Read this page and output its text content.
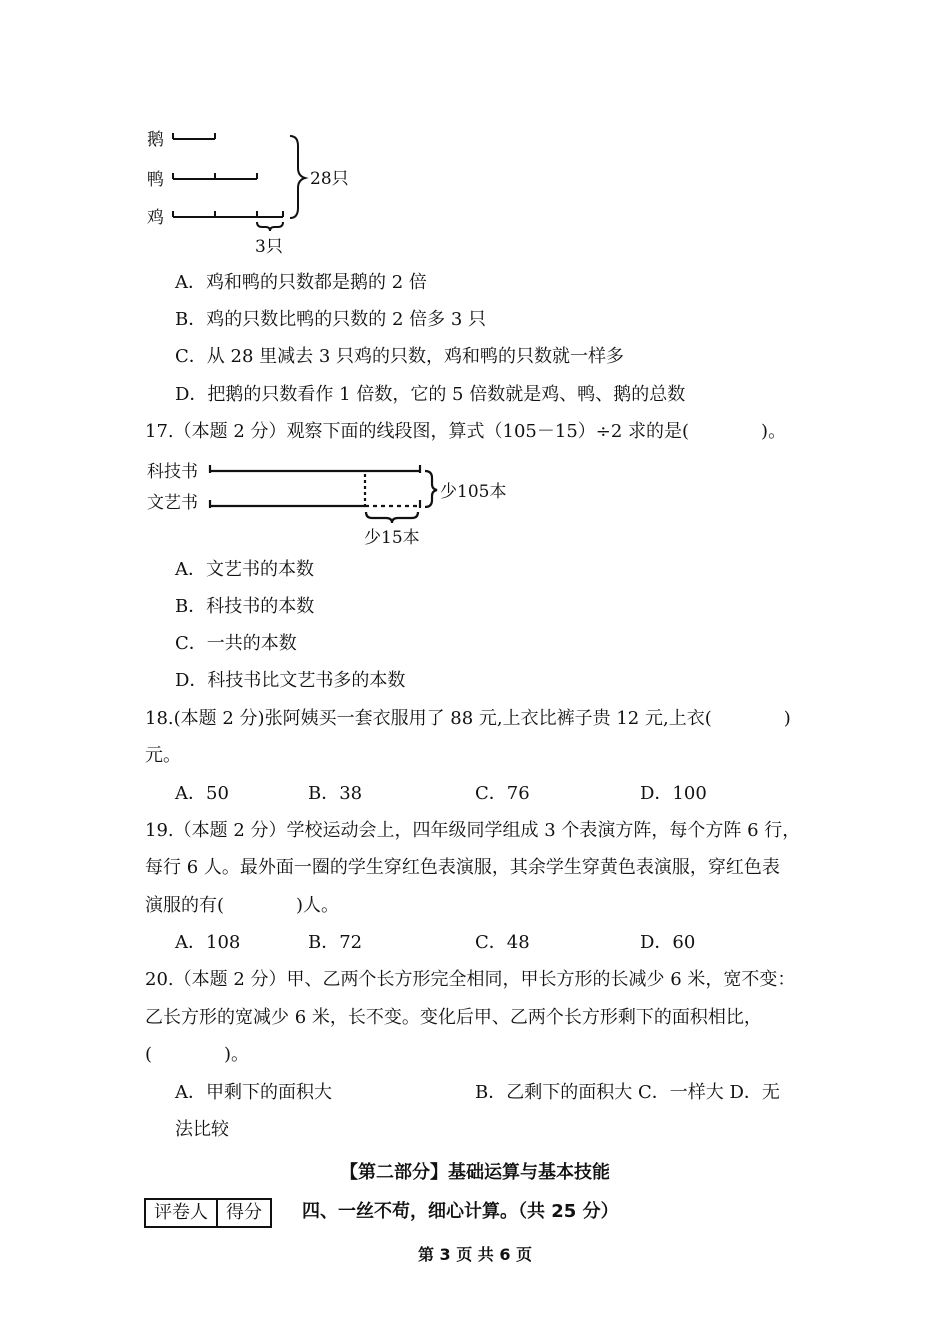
鹅
鸭
鸡
28只
3只
科技书
文艺书
少105本
少15本
A．鸡和鸭的只数都是鹅的 2 倍
B．鸡的只数比鸭的只数的 2 倍多 3 只
C．从 28 里减去 3 只鸡的只数，鸡和鸭的只数就一样多
D．把鹅的只数看作 1 倍数，它的 5 倍数就是鸡、鸭、鹅的总数
17.（本题 2 分）观察下面的线段图，算式（105－15）÷2 求的是(　　　　)。
A．文艺书的本数
B．科技书的本数
C．一共的本数
D．科技书比文艺书多的本数
18.(本题 2 分)张阿姨买一套衣服用了 88 元,上衣比裤子贵 12 元,上衣(　　　　)
元。
A．50	B．38	C．76	D．100
19.（本题 2 分）学校运动会上，四年级同学组成 3 个表演方阵，每个方阵 6 行，
每行 6 人。最外面一圈的学生穿红色表演服，其余学生穿黄色表演服，穿红色表
演服的有(　　　　)人。
A．108	B．72	C．48	D．60
20.（本题 2 分）甲、乙两个长方形完全相同，甲长方形的长减少 6 米，宽不变：
乙长方形的宽减少 6 米，长不变。变化后甲、乙两个长方形剩下的面积相比，
(　　　　)。
A．甲剩下的面积大	B．乙剩下的面积大 C．一样大 D．无
法比较
【第二部分】基础运算与基本技能
评卷人	得分	四、一丝不苟，细心计算。（共 25 分）
第 3 页 共 6 页
